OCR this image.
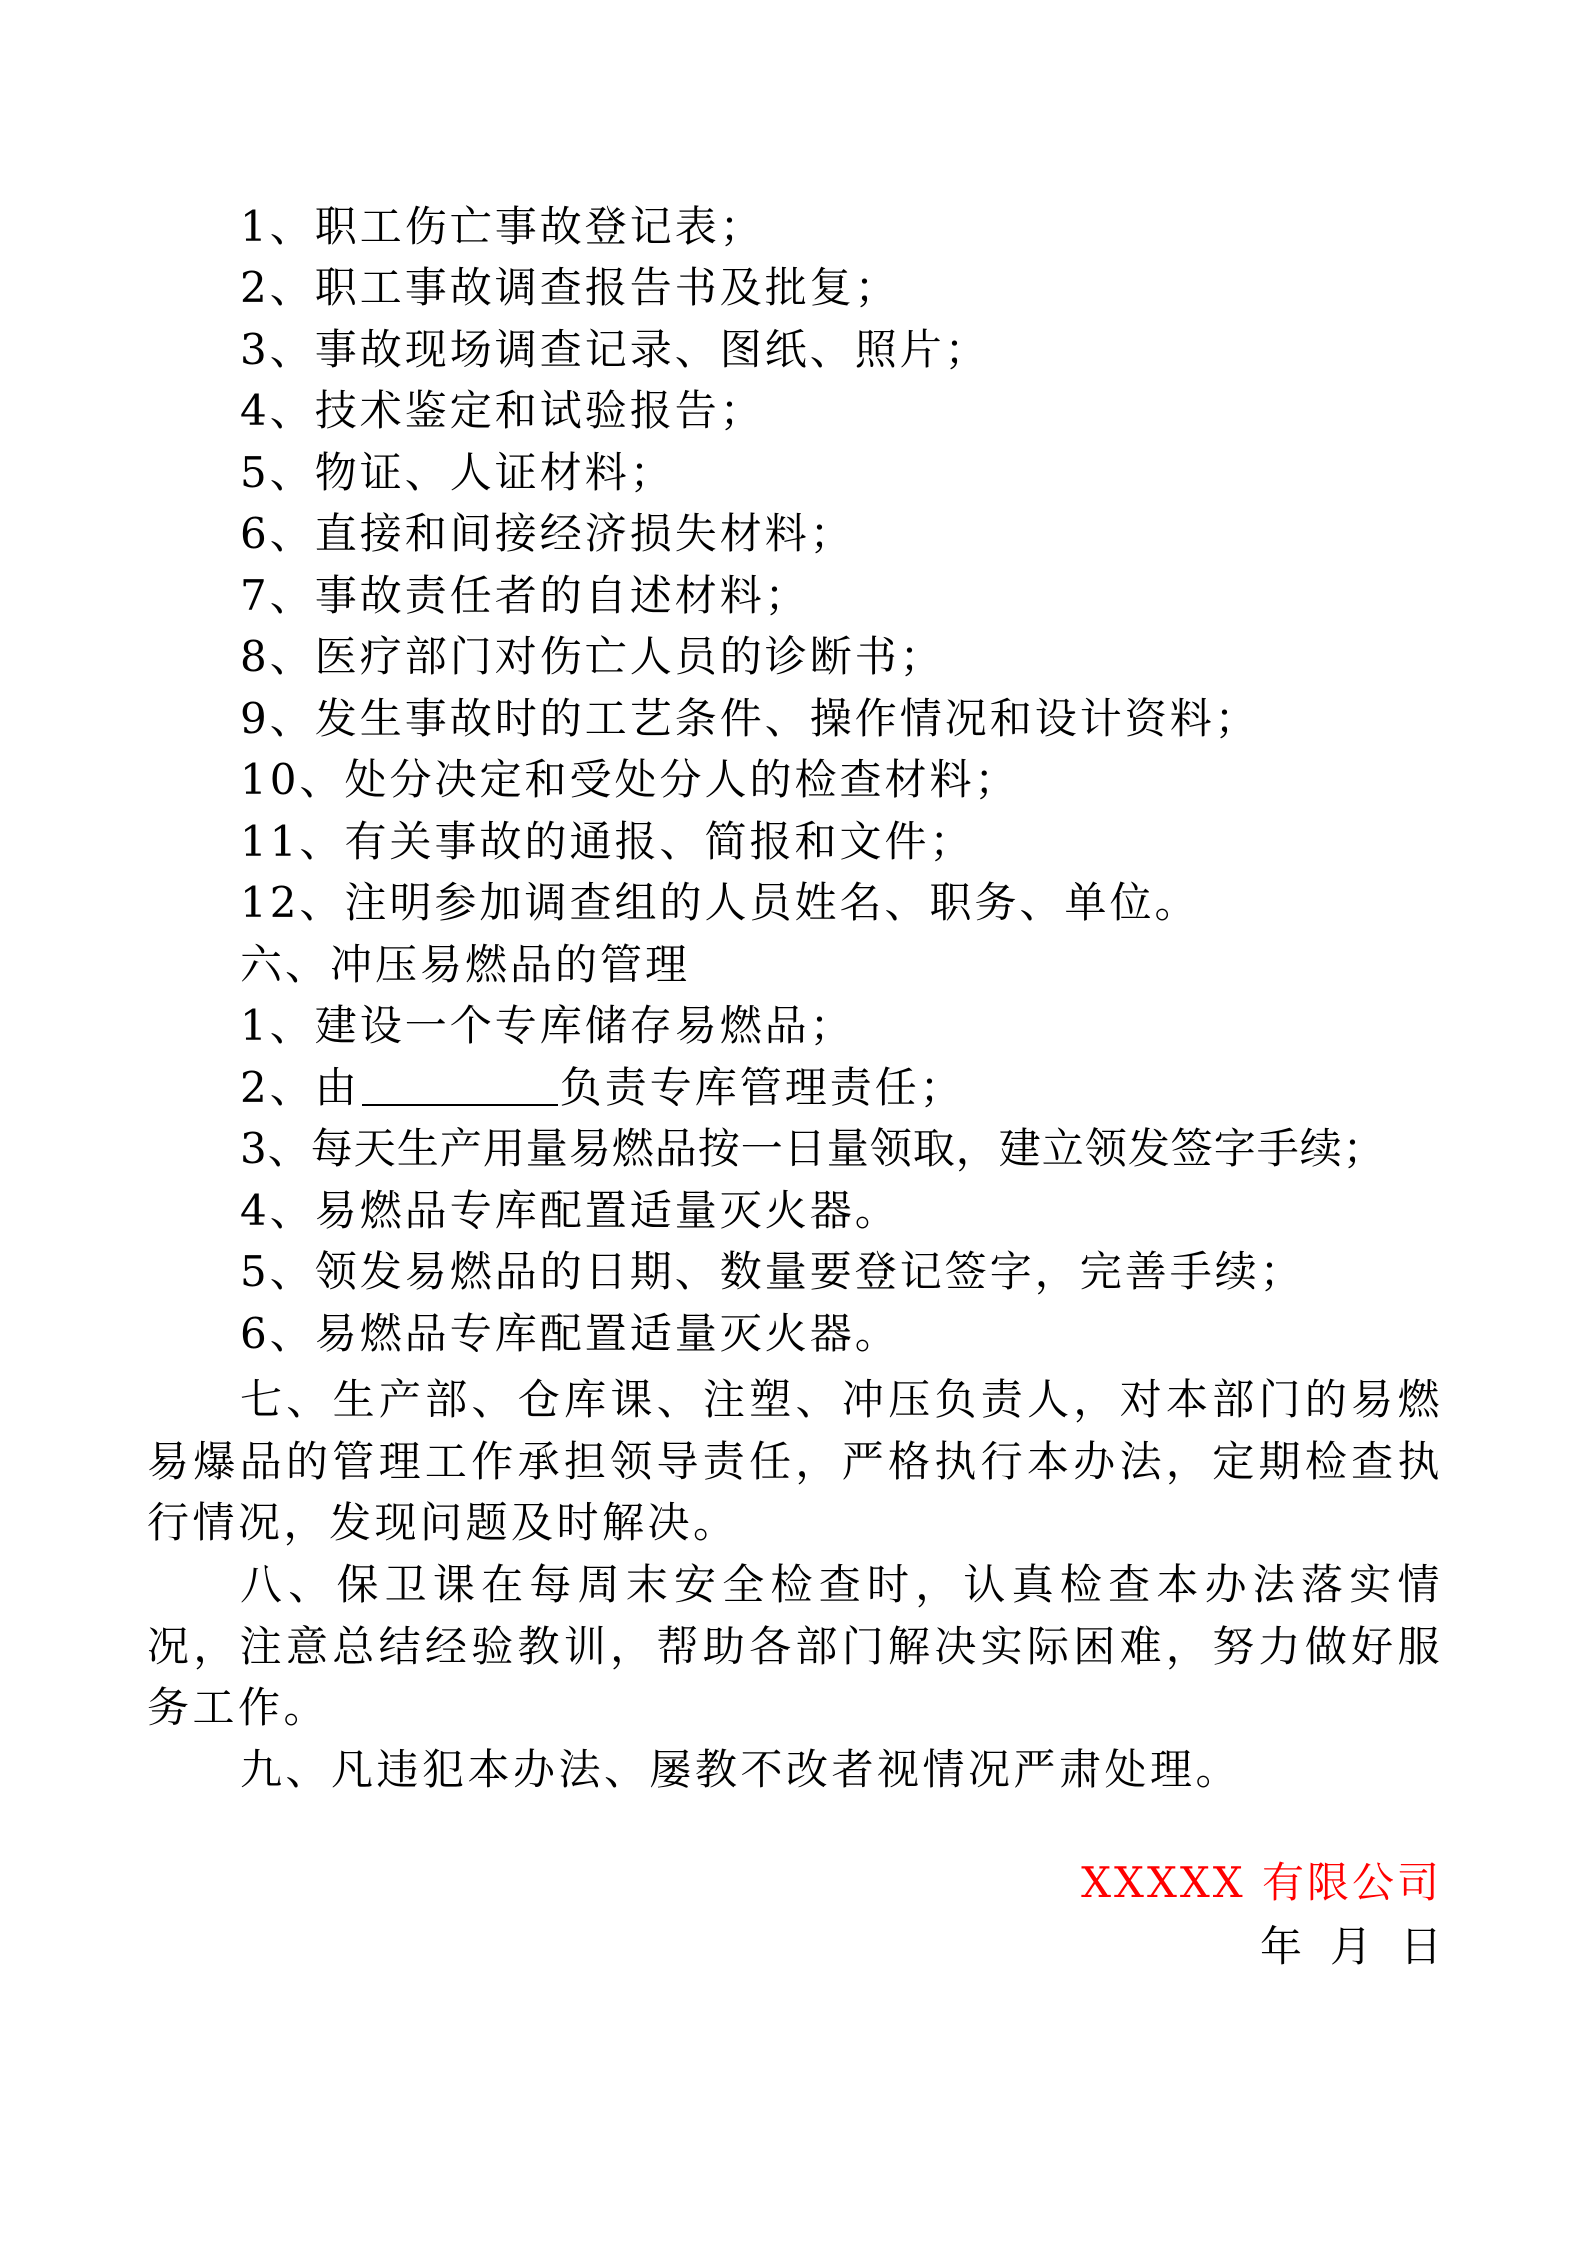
1、职工伤亡事故登记表；
2、职工事故调查报告书及批复；
3、事故现场调查记录、图纸、照片；
4、技术鉴定和试验报告；
5、物证、人证材料；
6、直接和间接经济损失材料；
7、事故责任者的自述材料；
8、医疗部门对伤亡人员的诊断书；
9、发生事故时的工艺条件、操作情况和设计资料；
10、处分决定和受处分人的检查材料；
11、有关事故的通报、简报和文件；
12、注明参加调查组的人员姓名、职务、单位。
六、冲压易燃品的管理
1、建设一个专库储存易燃品；
2、由	负责专库管理责任；
3、每天生产用量易燃品按一日量领取，建立领发签字手续；
4、易燃品专库配置适量灭火器。
5、领发易燃品的日期、数量要登记签字，完善手续；
6、易燃品专库配置适量灭火器。
七、生产部、仓库课、注塑、冲压负责人，对本部门的易燃易爆品的管理工作承担领导责任，严格执行本办法，定期检查执行情况，发现问题及时解决。
八、保卫课在每周末安全检查时，认真检查本办法落实情况，注意总结经验教训，帮助各部门解决实际困难，努力做好服务工作。
九、凡违犯本办法、屡教不改者视情况严肃处理。
XXXXX 有限公司
年 月 日
